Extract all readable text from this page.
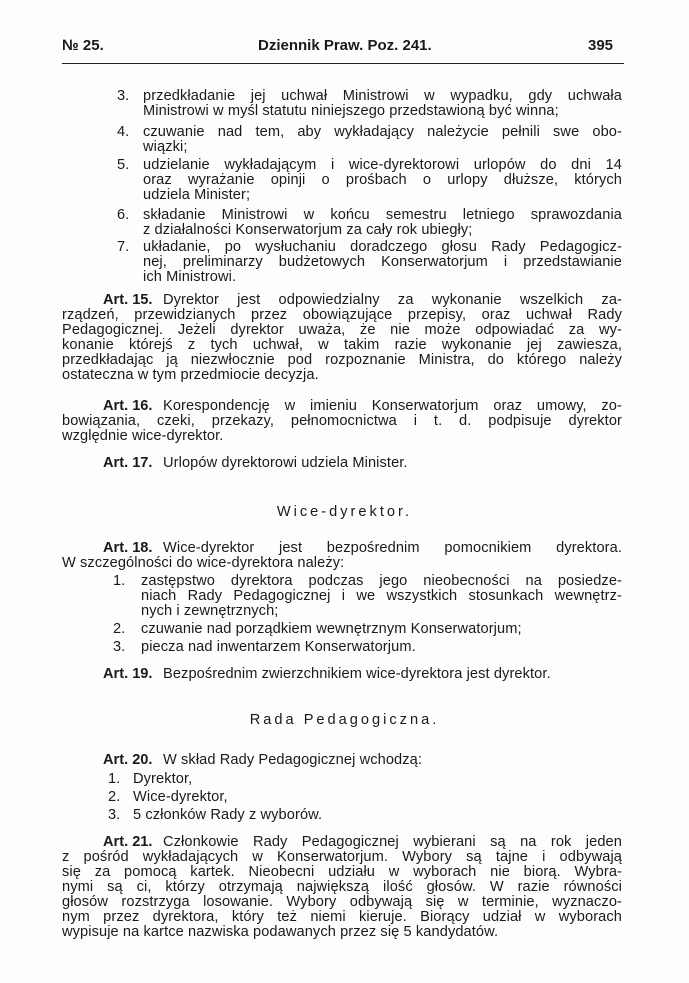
№ 25.	Dziennik Praw. Poz. 241.	395
Wice-dyrektor.
Rada Pedagogiczna.
3. przedkładanie jej uchwał Ministrowi w wypadku, gdy uchwała
Ministrowi w myśl statutu niniejszego przedstawioną być winna;
4. czuwanie nad tem, aby wykładający należycie pełnili swe obo-
wiązki;
5. udzielanie wykładającym i wice-dyrektorowi urlopów do dni 14
oraz wyrażanie opinji o prośbach o urlopy dłuższe, których
udziela Minister;
6. składanie Ministrowi w końcu semestru letniego sprawozdania
z działalności Konserwatorjum za cały rok ubiegły;
7. układanie, po wysłuchaniu doradczego głosu Rady Pedagogicz-
nej, preliminarzy budżetowych Konserwatorjum i przedstawianie
ich Ministrowi.
Art. 15. Dyrektor jest odpowiedzialny za wykonanie wszelkich za-
rządzeń, przewidzianych przez obowiązujące przepisy, oraz uchwał Rady
Pedagogicznej. Jeżeli dyrektor uważa, że nie może odpowiadać za wy-
konanie którejś z tych uchwał, w takim razie wykonanie jej zawiesza,
przedkładając ją niezwłocznie pod rozpoznanie Ministra, do którego należy
ostateczna w tym przedmiocie decyzja.
Art. 16. Korespondencję w imieniu Konserwatorjum oraz umowy, zo-
bowiązania, czeki, przekazy, pełnomocnictwa i t. d. podpisuje dyrektor
względnie wice-dyrektor.
Art. 17. Urlopów dyrektorowi udziela Minister.
Art. 18. Wice-dyrektor jest bezpośrednim pomocnikiem dyrektora.
W szczególności do wice-dyrektora należy:
1. zastępstwo dyrektora podczas jego nieobecności na posiedze-
niach Rady Pedagogicznej i we wszystkich stosunkach wewnętrz-
nych i zewnętrznych;
2. czuwanie nad porządkiem wewnętrznym Konserwatorjum;
3. piecza nad inwentarzem Konserwatorjum.
Art. 19. Bezpośrednim zwierzchnikiem wice-dyrektora jest dyrektor.
Art. 20. W skład Rady Pedagogicznej wchodzą:
1. Dyrektor,
2. Wice-dyrektor,
3. 5 członków Rady z wyborów.
Art. 21. Członkowie Rady Pedagogicznej wybierani są na rok jeden
z pośród wykładających w Konserwatorjum. Wybory są tajne i odbywają
się za pomocą kartek. Nieobecni udziału w wyborach nie biorą. Wybra-
nymi są ci, którzy otrzymają największą ilość głosów. W razie równości
głosów rozstrzyga losowanie. Wybory odbywają się w terminie, wyznaczo-
nym przez dyrektora, który też niemi kieruje. Biorący udział w wyborach
wypisuje na kartce nazwiska podawanych przez się 5 kandydatów.
